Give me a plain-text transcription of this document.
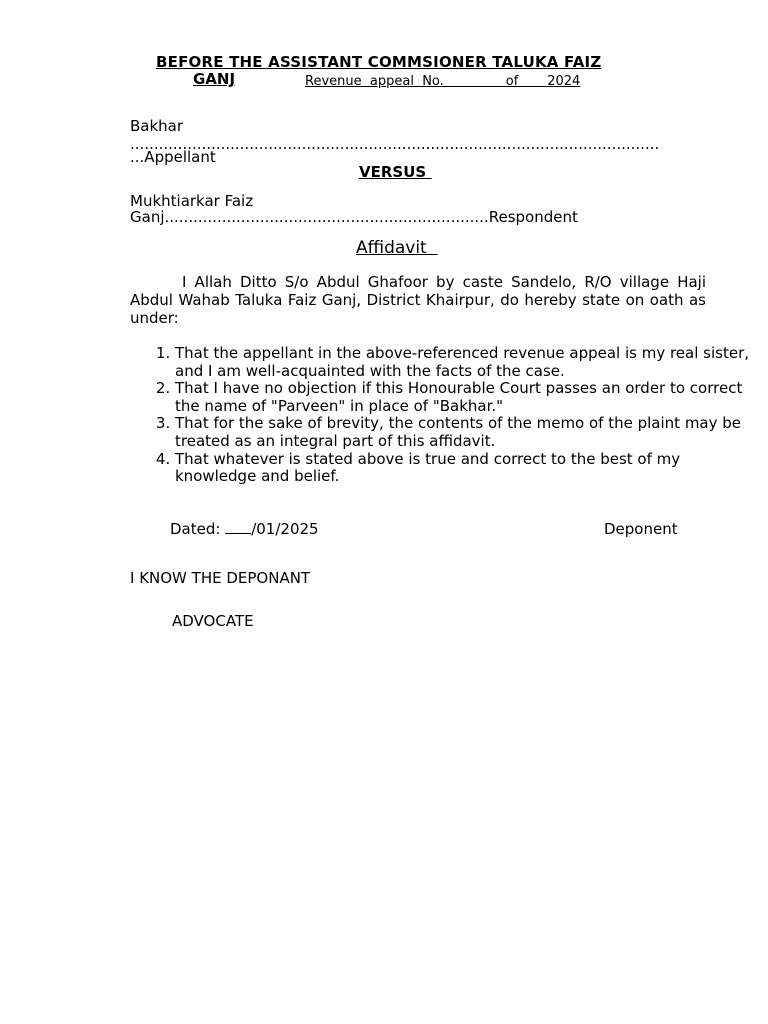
BEFORE THE ASSISTANT COMMSIONER TALUKA FAIZ
GANJ	Revenue  appeal  No.               of       2024
Bakhar
...............................................................................................................
...Appellant
VERSUS
Mukhtiarkar Faiz
Ganj....................................................................Respondent
Affidavit
I Allah Ditto S/o Abdul Ghafoor by caste Sandelo, R/O village Haji Abdul Wahab Taluka Faiz Ganj, District Khairpur, do hereby state on oath as under:
1. That the appellant in the above-referenced revenue appeal is my real sister, and I am well-acquainted with the facts of the case.
2. That I have no objection if this Honourable Court passes an order to correct the name of "Parveen" in place of "Bakhar."
3. That for the sake of brevity, the contents of the memo of the plaint may be treated as an integral part of this affidavit.
4. That whatever is stated above is true and correct to the best of my knowledge and belief.
Dated: /01/2025	Deponent
I KNOW THE DEPONANT
ADVOCATE
